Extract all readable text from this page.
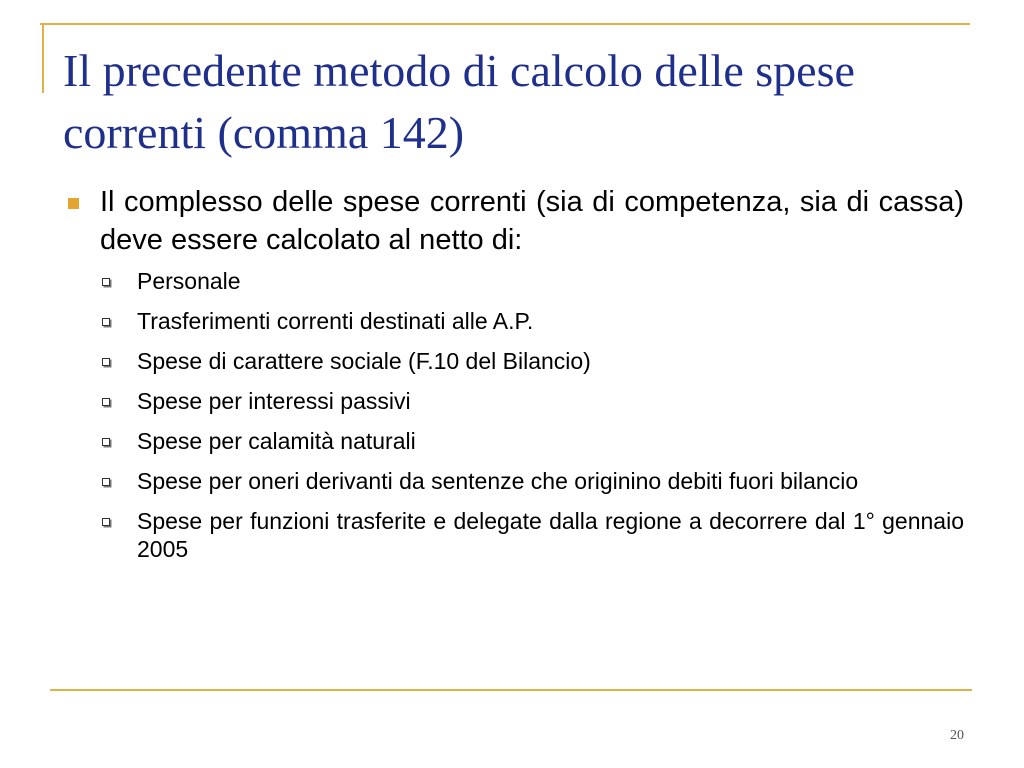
Il precedente metodo di calcolo delle spese correnti (comma 142)
Il complesso delle spese correnti (sia di competenza, sia di cassa) deve essere calcolato al netto di:
Personale
Trasferimenti correnti destinati alle A.P.
Spese di carattere sociale (F.10 del Bilancio)
Spese per interessi passivi
Spese per calamità naturali
Spese per oneri derivanti da sentenze che originino debiti fuori bilancio
Spese per funzioni trasferite e delegate dalla regione a decorrere dal 1° gennaio 2005
20
